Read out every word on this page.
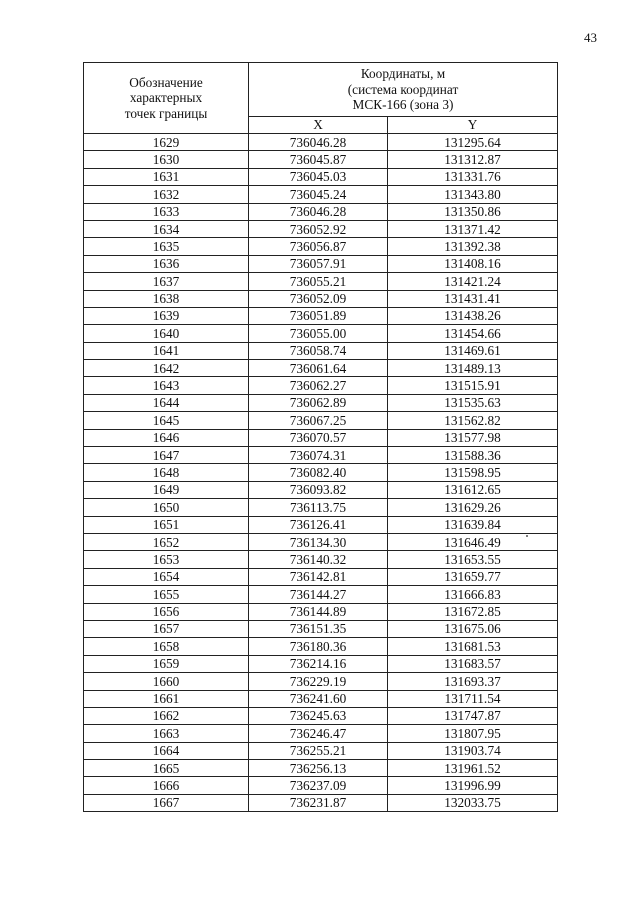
43
Обозначение
характерных
точек границы	Координаты, м
(система координат
МСК-166 (зона 3)	
	X	Y
1629	736046.28	131295.64
1630	736045.87	131312.87
1631	736045.03	131331.76
1632	736045.24	131343.80
1633	736046.28	131350.86
1634	736052.92	131371.42
1635	736056.87	131392.38
1636	736057.91	131408.16
1637	736055.21	131421.24
1638	736052.09	131431.41
1639	736051.89	131438.26
1640	736055.00	131454.66
1641	736058.74	131469.61
1642	736061.64	131489.13
1643	736062.27	131515.91
1644	736062.89	131535.63
1645	736067.25	131562.82
1646	736070.57	131577.98
1647	736074.31	131588.36
1648	736082.40	131598.95
1649	736093.82	131612.65
1650	736113.75	131629.26
1651	736126.41	131639.84
1652	736134.30	131646.49
1653	736140.32	131653.55
1654	736142.81	131659.77
1655	736144.27	131666.83
1656	736144.89	131672.85
1657	736151.35	131675.06
1658	736180.36	131681.53
1659	736214.16	131683.57
1660	736229.19	131693.37
1661	736241.60	131711.54
1662	736245.63	131747.87
1663	736246.47	131807.95
1664	736255.21	131903.74
1665	736256.13	131961.52
1666	736237.09	131996.99
1667	736231.87	132033.75
